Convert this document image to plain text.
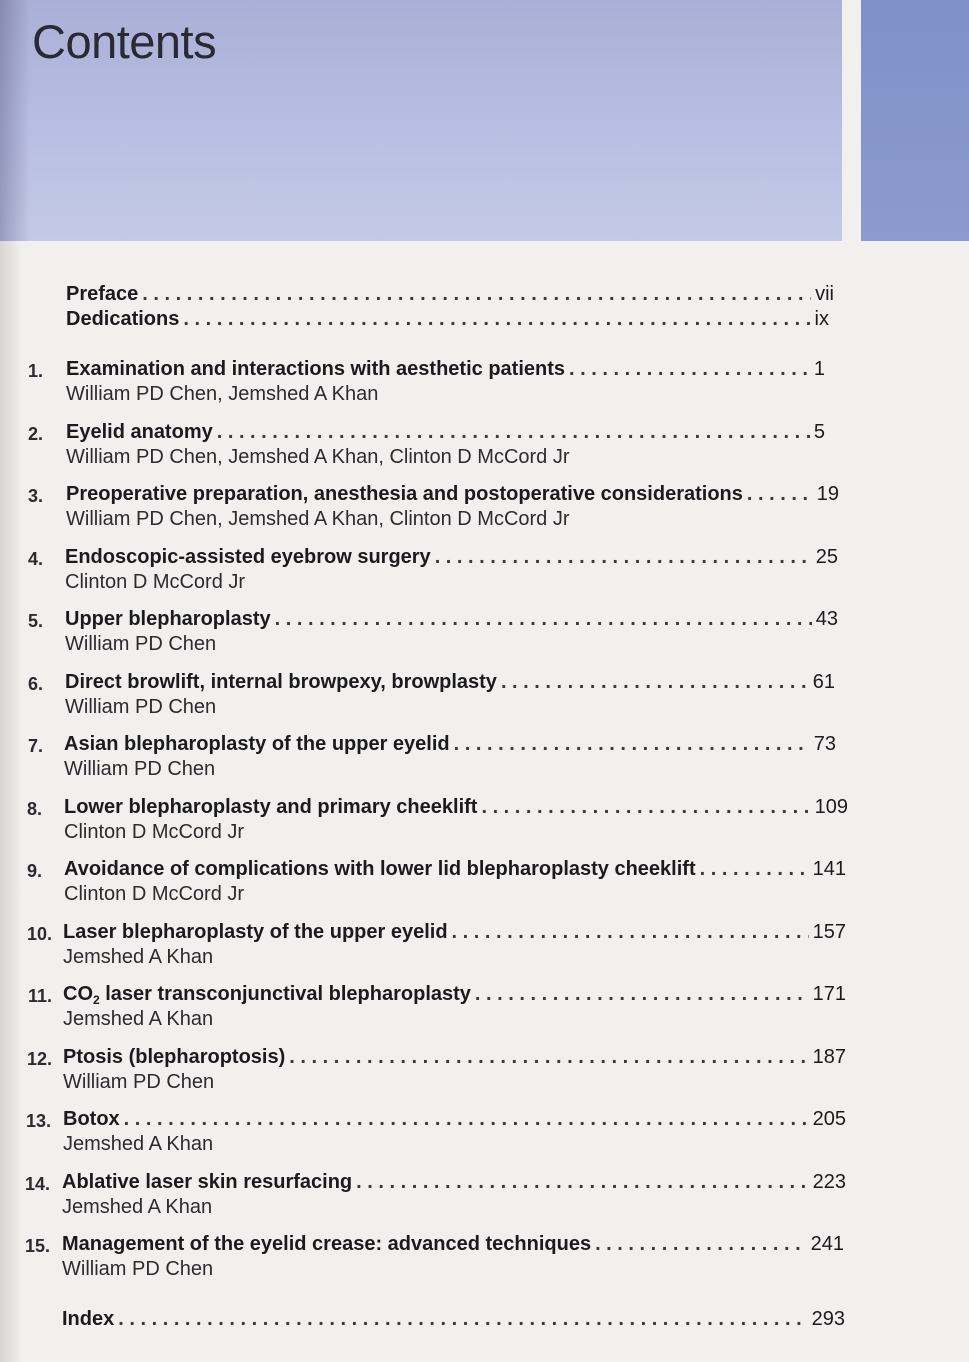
Contents
Preface . . .	vii
Dedications . . .	ix
1. Examination and interactions with aesthetic patients . . .	1
William PD Chen, Jemshed A Khan
2. Eyelid anatomy . . .	5
William PD Chen, Jemshed A Khan, Clinton D McCord Jr
3. Preoperative preparation, anesthesia and postoperative considerations . . .	19
William PD Chen, Jemshed A Khan, Clinton D McCord Jr
4. Endoscopic-assisted eyebrow surgery . . .	25
Clinton D McCord Jr
5. Upper blepharoplasty . . .	43
William PD Chen
6. Direct browlift, internal browpexy, browplasty . . .	61
William PD Chen
7. Asian blepharoplasty of the upper eyelid . . .	73
William PD Chen
8. Lower blepharoplasty and primary cheeklift . . .	109
Clinton D McCord Jr
9. Avoidance of complications with lower lid blepharoplasty cheeklift . . .	141
Clinton D McCord Jr
10. Laser blepharoplasty of the upper eyelid . . .	157
Jemshed A Khan
11. $CO_2$ laser transconjunctival blepharoplasty . . .	171
Jemshed A Khan
12. Ptosis (blepharoptosis) . . .	187
William PD Chen
13. Botox . . .	205
Jemshed A Khan
14. Ablative laser skin resurfacing . . .	223
Jemshed A Khan
15. Management of the eyelid crease: advanced techniques . . .	241
William PD Chen
Index . . .	293
